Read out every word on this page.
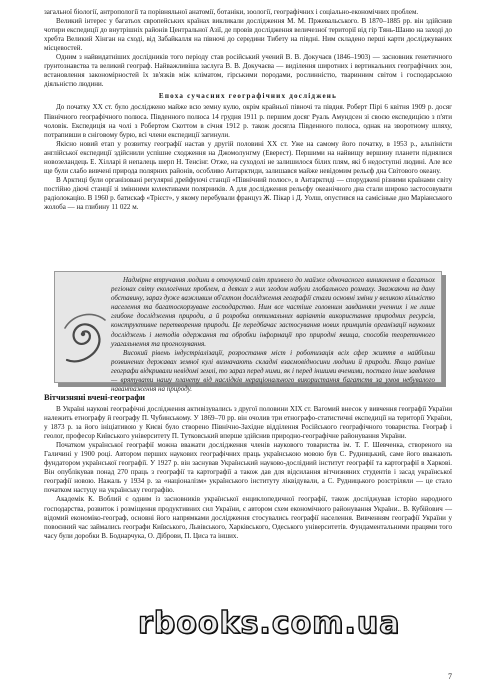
загальної біології, антропології та порівняльної анатомії, ботаніки, зоології, географічних і соціально-економічних проблем.

Великий інтерес у багатьох європейських країнах викликали дослідження М. М. Пржевальського. В 1870–1885 рр. він здійснив чотири експедиції до внутрішніх районів Центральної Азії, де провів дослідження величезної території від гір Тянь-Шаню на заході до хребта Великий Хінган на сході, від Забайкалля на півночі до середини Тибету на півдні. Ним складено перші карти досліджуваних місцевостей.

Одним з найвидатніших дослідників того періоду став російський учений В. В. Докучаєв (1846–1903) — засновник генетичного ґрунтознавства та великий географ. Найважливіша заслуга В. В. Докучаєва — виділення широтних і вертикальних географічних зон, встановлення закономірностей їх зв'язків між кліматом, гірськими породами, рослинністю, тваринним світом і господарською діяльністю людини.

Епоха сучасних географічних досліджень

До початку XX ст. було досліджено майже всю земну кулю, окрім крайньої півночі та півдня. Роберт Пірі 6 квітня 1909 р. досяг Північного географічного полюса. Південного полюса 14 грудня 1911 р. першим досяг Руаль Амундсен зі своєю експедицією з п'яти чоловік. Експедиція на чолі з Робертом Скоттом в січня 1912 р. також досягла Південного полюса, однак на зворотному шляху, потрапивши в сніговому бурю, всі члени експедиції загинули.

Якісно новий етап у розвитку географії настав у другій половині XX ст. Уже на самому його початку, в 1953 р., альпіністи англійської експедиції здійснили успішне сходження на Джомолунгму (Еверест). Першими на найвищу вершину планети піднялися новозеландець Е. Хілларі й непалець шерп Н. Тенсінг. Отже, на суходолі не залишилося білих плям, які б недоступні людині. Але все ще були слабо вивчені природа полярних районів, особливо Антарктиди, залишався майже невідомим рельєф дна Світового океану.

В Арктиці були організовані регулярні дрейфуючі станції «Північний полюс», в Антарктиді — споруджені різними країнами світу постійно діючі станції зі змінними колективами полярників. А для дослідження рельєфу океанічного дна стали широко застосовувати радіолокацію. В 1960 р. батискаф «Трієст», у якому перебували француз Ж. Пікар і Д. Уолш, опустився на самісіньке дно Маріанського жолоба — на глибину 11 022 м.

Надмірне втручання людини в оточуючий світ призвело до майже одночасного виникнення в багатьох регіонах світу екологічних проблем, а деяких з них згодом набули глобального розмаху. Зважаючи на дану обставину, зараз дуже важливим об'єктом дослідження географії стали основні зміни у великою кількістю населення та багатоскорзуване господарство. Ним все частіше головним завданням ученних і не лише глибоке дослідження природи, а й розробка оптимальних варіантів використання природних ресурсів, конструктивне перетворення природи. Це передбачає застосування нових принципів організації наукових досліджень і методів одержання та обробки інформації про природні явища, способів теоретичного узагальнення та прогнозування.

Високий рівень індустріалізації, розростання міст і роботизація всіх сфер життя в найбільш розвинених державах земної кулі визначають складні взаємовідносини людини й природи. Якщо раніше географи відкривали невідомі землі, то зараз перед ними, як і перед іншими вченими, постало інше завдання — врятувати нашу планету від наслідків нераціонального використання багатств за умов небувалого навантаження на природу.

Вітчизняні вчені-географи

В Україні наукові географічні дослідження активізувались з другої половини XIX ст. Вагомий внесок у вивчення географії України належить етнографу й географу П. Чубинському. У 1869–70 рр. він очолив три етнографо-статистичні експедиції на території України, у 1873 р. за його ініціативою у Києві було створено Північно-Західне відділення Російського географічного товариства. Географ і геолог, професор Київського університету П. Тутковський вперше здійснив природно-географічне районування України.

Початком української географії можна вважати дослідження членів наукового товариства ім. Т. Г. Шевченка, створеного на Галичині у 1900 році. Автором перших наукових географічних праць українською мовою був С. Рудницький, саме його вважають фундатором української географії. У 1927 р. він заснував Український науково-дослідний інститут географії та картографії в Харкові. Він опублікував понад 270 праць з географії та картографії а також дав для відсилання вітчизняних студентів і засад української географії новою. Нажаль у 1934 р. за «націоналізм» українського інституту ліквідували, а С. Рудницького розстріляли — це стало початком настуцу на українську географію.

Академік К. Воблий є одним із засновників української енциклопедичної географії, також досліджував історію народного господарства, розвиток і розміщення продуктивних сил України, є автором схем економічного районування України.. В. Кубійович — відомий економіко-географ, основні його напрямками дослідження стосувались географії населення. Вивченням географії України у повоєнний час займались географи Київського, Львівського, Харківського, Одеського університетів. Фундаментальними працями того часу були доробки В. Боднарчука, О. Діброви, П. Циса та інших.

rbooks.com.ua
7
